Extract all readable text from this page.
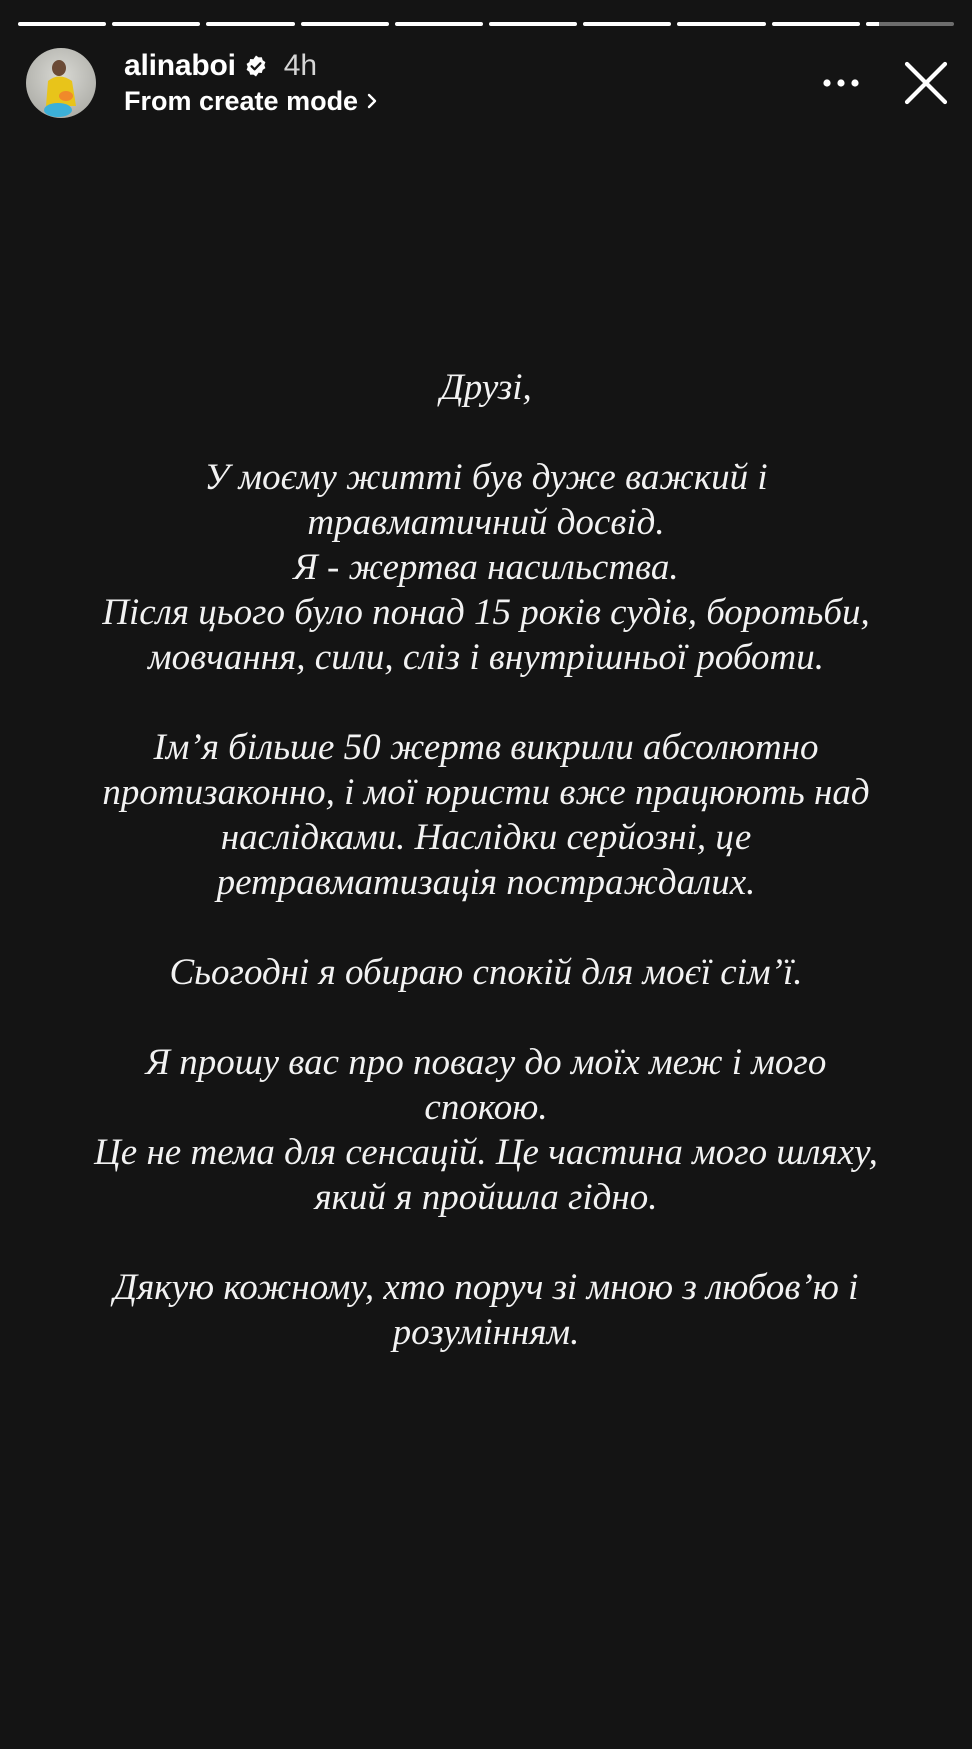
alinaboi 4h
From create mode

Друзі,

У моєму житті був дуже важкий і
травматичний досвід.
Я - жертва насильства.
Після цього було понад 15 років судів, боротьби,
мовчання, сили, сліз і внутрішньої роботи.

Ім’я більше 50 жертв викрили абсолютно
протизаконно, і мої юристи вже працюють над
наслідками. Наслідки серйозні, це
ретравматизація постраждалих.

Сьогодні я обираю спокій для моєї сім’ї.

Я прошу вас про повагу до моїх меж і мого
спокою.
Це не тема для сенсацій. Це частина мого шляху,
який я пройшла гідно.

Дякую кожному, хто поруч зі мною з любов’ю і
розумінням.
